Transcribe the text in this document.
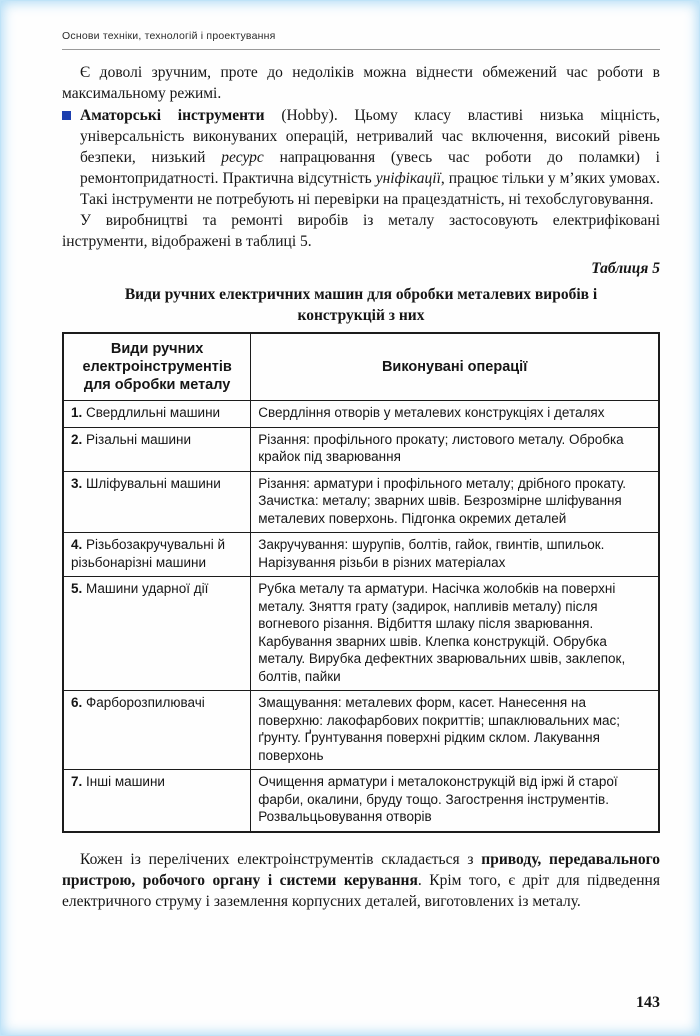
Основи техніки, технологій і проектування

Є доволі зручним, проте до недоліків можна віднести обмежений час роботи в максимальному режимі.

Аматорські інструменти (Hobby). Цьому класу властиві низька міцність, універсальність виконуваних операцій, нетривалий час включення, високий рівень безпеки, низький ресурс напрацювання (увесь час роботи до поламки) і ремонтопридатності. Практична відсутність уніфікації, працює тільки у м’яких умовах. Такі інструменти не потребують ні перевірки на працездатність, ні техобслуговування.

У виробництві та ремонті виробів із металу застосовують електрифіковані інструменти, відображені в таблиці 5.

Таблиця 5
Види ручних електричних машин для обробки металевих виробів і конструкцій з них
Види ручних електроінструментів для обробки металу	Виконувані операції
1. Свердлильні машини	Свердління отворів у металевих конструкціях і деталях
2. Різальні машини	Різання: профільного прокату; листового металу. Обробка крайок під зварювання
3. Шліфувальні машини	Різання: арматури і профільного металу; дрібного прокату. Зачистка: металу; зварних швів. Безрозмірне шліфування металевих поверхонь. Підгонка окремих деталей
4. Різьбозакручувальні й різьбонарізні машини	Закручування: шурупів, болтів, гайок, гвинтів, шпильок. Нарізування різьби в різних матеріалах
5. Машини ударної дії	Рубка металу та арматури. Насічка жолобків на поверхні металу. Зняття грату (задирок, напливів металу) після вогневого різання. Відбиття шлаку після зварювання. Карбування зварних швів. Клепка конструкцій. Обрубка металу. Вирубка дефектних зварювальних швів, заклепок, болтів, пайки
6. Фарборозпилювачі	Змащування: металевих форм, касет. Нанесення на поверхню: лакофарбових покриттів; шпаклювальних мас; ґрунту. Ґрунтування поверхні рідким склом. Лакування поверхонь
7. Інші машини	Очищення арматури і металоконструкцій від іржі й старої фарби, окалини, бруду тощо. Загострення інструментів. Розвальцьовування отворів

Кожен із перелічених електроінструментів складається з приводу, передавального пристрою, робочого органу і системи керування. Крім того, є дріт для підведення електричного струму і заземлення корпусних деталей, виготовлених із металу.

143
